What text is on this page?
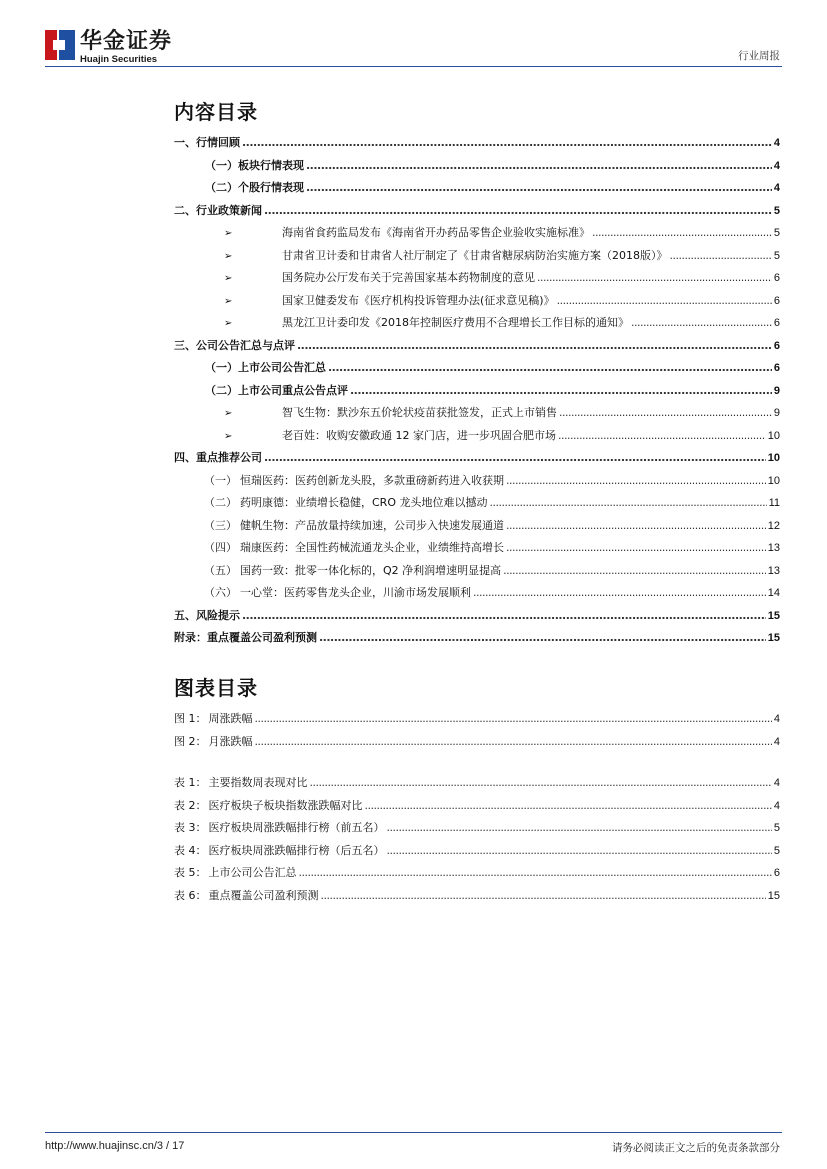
华金证券
Huajin Securities	行业周报
内容目录
一、 行情回顾 .....	4
（一） 板块行情表现 .....	4
（二） 个股行情表现 .....	4
二、 行业政策新闻 .....	5
➢	海南省食药监局发布《海南省开办药品零售企业验收实施标准》 .....	5
➢	甘肃省卫计委和甘肃省人社厅制定了《甘肃省糖尿病防治实施方案（2018版）》 .....	5
➢	国务院办公厅发布关于完善国家基本药物制度的意见 .....	6
➢	国家卫健委发布《医疗机构投诉管理办法(征求意见稿)》 .....	6
➢	黑龙江卫计委印发《2018年控制医疗费用不合理增长工作目标的通知》 .....	6
三、 公司公告汇总与点评 .....	6
（一） 上市公司公告汇总 .....	6
（二） 上市公司重点公告点评 .....	9
➢	智飞生物：默沙东五价轮状疫苗获批签发，正式上市销售 .....	9
➢	老百姓：收购安徽政通 12 家门店，进一步巩固合肥市场 .....	10
四、 重点推荐公司 .....	10
（一） 恒瑞医药：医药创新龙头股，多款重磅新药进入收获期 .....	10
（二） 药明康德：业绩增长稳健，CRO 龙头地位难以撼动 .....	11
（三） 健帆生物：产品放量持续加速，公司步入快速发展通道 .....	12
（四） 瑞康医药：全国性药械流通龙头企业，业绩维持高增长 .....	13
（五） 国药一致：批零一体化标的，Q2 净利润增速明显提高 .....	13
（六） 一心堂：医药零售龙头企业，川渝市场发展顺利 .....	14
五、 风险提示 .....	15
附录： 重点覆盖公司盈利预测 .....	15
图表目录
图 1： 周涨跌幅 .....	4
图 2： 月涨跌幅 .....	4
表 1： 主要指数周表现对比 .....	4
表 2： 医疗板块子板块指数涨跌幅对比 .....	4
表 3： 医疗板块周涨跌幅排行榜（前五名） .....	5
表 4： 医疗板块周涨跌幅排行榜（后五名） .....	5
表 5： 上市公司公告汇总 .....	6
表 6： 重点覆盖公司盈利预测 .....	15
http://www.huajinsc.cn/3 / 17	请务必阅读正文之后的免责条款部分
